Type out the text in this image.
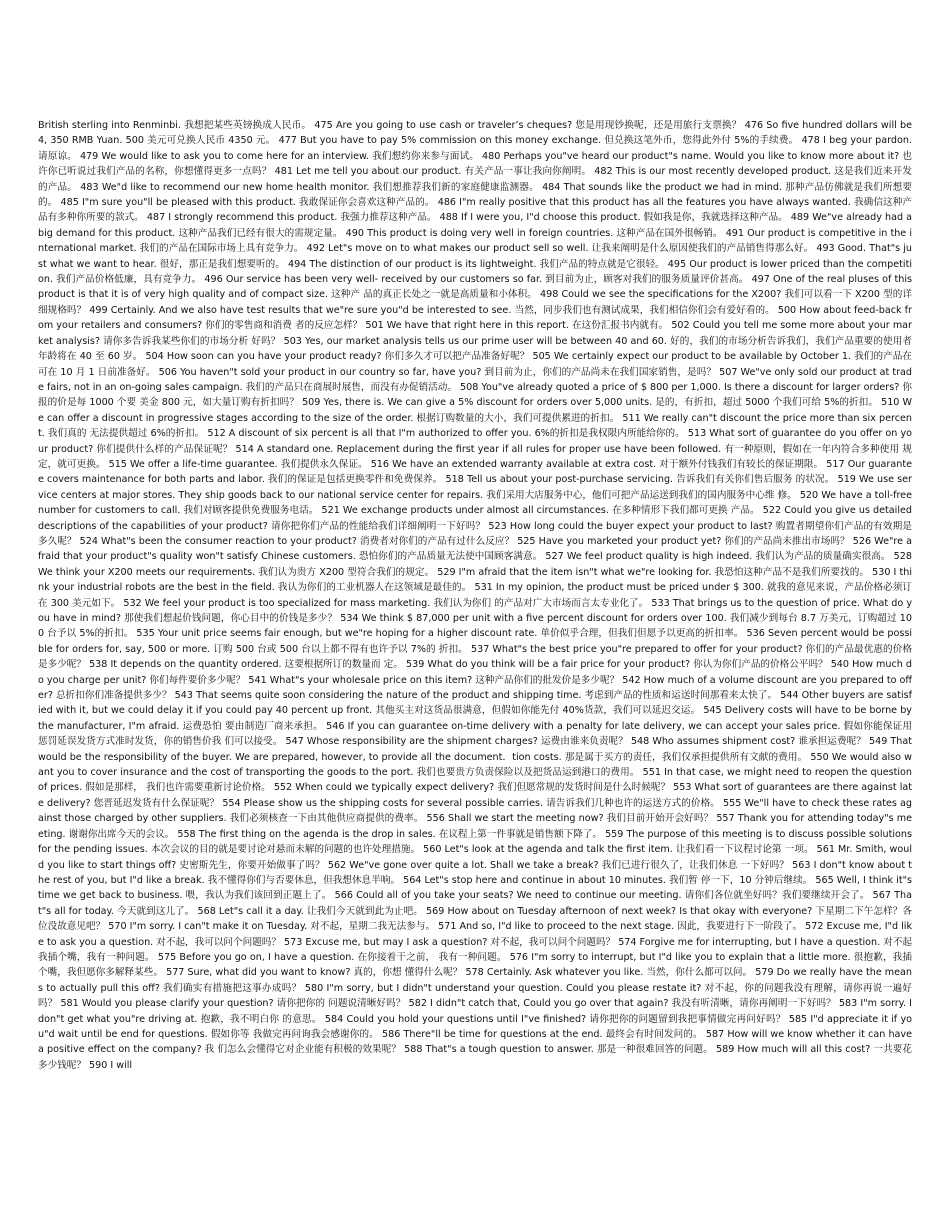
British sterling into Renminbi. 我想把某些英镑换成人民币。 475 Are you going to use cash or traveler’s cheques? 您是用现钞换呢，还是用旅行支票换？ 476 So five hundred dollars will be 4, 350 RMB Yuan. 500 美元可兑换人民币 4350 元。 477 But you have to pay 5% commission on this money exchange. 但兑换这笔外币，您得此外付 5%的手续费。 478 I beg your pardon. 请原谅。 479 We would like to ask you to come here for an interview. 我们想约你来参与面试。 480 Perhaps you"ve heard our product"s name. Would you like to know more about it? 也许你已听说过我们产品的名称，你想懂得更多一点吗？ 481 Let me tell you about our product. 有关产品一事让我向你阐明。 482 This is our most recently developed product. 这是我们近来开发的产品。 483 We"d like to recommend our new home health monitor. 我们想推荐我们新的家庭健康监测器。 484 That sounds like the product we had in mind. 那种产品仿佛就是我们所想要的。 485 I"m sure you"ll be pleased with this product. 我敢保证你会喜欢这种产品的。 486 I"m really positive that this product has all the features you have always wanted. 我确信这种产品有多种你所要的款式。 487 I strongly recommend this product. 我强力推荐这种产品。 488 If I were you, I"d choose this product. 假如我是你，我就选择这种产品。 489 We"ve already had a big demand for this product. 这种产品我们已经有很大的需规定量。 490 This product is doing very well in foreign countries. 这种产品在国外很畅销。 491 Our product is competitive in the international market. 我们的产品在国际市场上具有竞争力。 492 Let"s move on to what makes our product sell so well. 让我来阐明是什么原因使我们的产品销售得那么好。 493 Good. That"s just what we want to hear. 很好，那正是我们想要听的。 494 The distinction of our product is its lightweight. 我们产品的特点就是它很轻。 495 Our product is lower priced than the competition. 我们产品价格低廉，具有竞争力。 496 Our service has been very well- received by our customers so far. 到目前为止，顾客对我们的服务质量评价甚高。 497 One of the real pluses of this product is that it is of very high quality and of compact size. 这种产 品的真正长处之一就是高质量和小体积。 498 Could we see the specifications for the X200? 我们可以看一下 X200 型的详细规格吗？ 499 Certainly. And we also have test results that we"re sure you"d be interested to see. 当然，同步我们也有测试成果，我们相信你们会有爱好看的。 500 How about feed-back from your retailers and consumers? 你们的零售商和消费 者的反应怎样？ 501 We have that right here in this report. 在这份汇报书内就有。 502 Could you tell me some more about your market analysis? 请你多告诉我某些你们的市场分析 好吗？ 503 Yes, our market analysis tells us our prime user will be between 40 and 60. 好的，我们的市场分析告诉我们，我们产品重要的使用者年龄将在 40 至 60 岁。 504 How soon can you have your product ready? 你们多久才可以把产品准备好呢？ 505 We certainly expect our product to be available by October 1. 我们的产品在可在 10 月 1 日前准备好。 506 You haven"t sold your product in our country so far, have you? 到目前为止，你们的产品尚未在我们国家销售，是吗？ 507 We"ve only sold our product at trade fairs, not in an on-going sales campaign. 我们的产品只在商展时展售，而没有办促销活动。 508 You"ve already quoted a price of $ 800 per 1,000. Is there a discount for larger orders? 你报的价是每 1000 个要 美金 800 元，如大量订购有折扣吗？ 509 Yes, there is. We can give a 5% discount for orders over 5,000 units. 是的，有折扣，超过 5000 个我们可给 5%的折扣。 510 We can offer a discount in progressive stages according to the size of the order. 根据订购数量的大小，我们可提供累进的折扣。 511 We really can"t discount the price more than six percent. 我们真的 无法提供超过 6%的折扣。 512 A discount of six percent is all that I"m authorized to offer you. 6%的折扣是我权限内所能给你的。 513 What sort of guarantee do you offer on your product? 你们提供什么样的产品保证呢？ 514 A standard one. Replacement during the first year if all rules for proper use have been followed. 有一种原则，假如在一年内符合多种使用 规定，就可更换。 515 We offer a life-time guarantee. 我们提供永久保证。 516 We have an extended warranty available at extra cost. 对于额外付钱我们有较长的保证期限。 517 Our guarantee covers maintenance for both parts and labor. 我们的保证是包括更换零件和免费保养。 518 Tell us about your post-purchase servicing. 告诉我们有关你们售后服务 的状况。 519 We use service centers at major stores. They ship goods back to our national service center for repairs. 我们采用大店服务中心，他们可把产品运送到我们的国内服务中心维 修。 520 We have a toll-free number for customers to call. 我们对顾客提供免费服务电话。 521 We exchange products under almost all circumstances. 在多种情形下我们都可更换 产品。 522 Could you give us detailed descriptions of the capabilities of your product? 请你把你们产品的性能给我们详细阐明一下好吗？ 523 How long could the buyer expect your product to last? 购置者期望你们产品的有效期是多久呢？ 524 What"s been the consumer reaction to your product? 消费者对你们的产品有过什么反应？ 525 Have you marketed your product yet? 你们的产品尚未推出市场吗？ 526 We"re afraid that your product"s quality won"t satisfy Chinese customers. 恐怕你们的产品质量无法使中国顾客满意。 527 We feel product quality is high indeed. 我们认为产品的质量确实很高。 528 We think your X200 meets our requirements. 我们认为贵方 X200 型符合我们的规定。 529 I"m afraid that the item isn"t what we"re looking for. 我恐怕这种产品不是我们所要找的。 530 I think your industrial robots are the best in the field. 我认为你们的工业机器人在这领域是最佳的。 531 In my opinion, the product must be priced under $ 300. 就我的意见来说，产品价格必须订在 300 美元如下。 532 We feel your product is too specialized for mass marketing. 我们认为你们 的产品对广大市场而言太专业化了。 533 That brings us to the question of price. What do you have in mind? 那使我们想起价钱问题，你心目中的价钱是多少？ 534 We think $ 87,000 per unit with a five percent discount for orders over 100. 我们减少到每台 8.7 万美元，订购超过 100 台予以 5%的折扣。 535 Your unit price seems fair enough, but we"re hoping for a higher discount rate. 单价似乎合理，但我们但愿予以更高的折扣率。 536 Seven percent would be possible for orders for, say, 500 or more. 订购 500 台或 500 台以上都不得有也许予以 7%的 折扣。 537 What"s the best price you"re prepared to offer for your product? 你们的产品最优惠的价格是多少呢？ 538 It depends on the quantity ordered. 这要根据所订的数量而 定。 539 What do you think will be a fair price for your product? 你认为你们产品的价格公平吗？ 540 How much do you charge per unit? 你们每件要价多少呢？ 541 What"s your wholesale price on this item? 这种产品你们的批发价是多少呢？ 542 How much of a volume discount are you prepared to offer? 总折扣你们准备提供多少？ 543 That seems quite soon considering the nature of the product and shipping time. 考虑到产品的性质和运送时间那看来太快了。 544 Other buyers are satisfied with it, but we could delay it if you could pay 40 percent up front. 其他买主对这货品很满意，但假如你能先付 40%货款，我们可以延迟交运。 545 Delivery costs will have to be borne by the manufacturer, I"m afraid. 运费恐怕 要由制造厂商来承担。 546 If you can guarantee on-time delivery with a penalty for late delivery, we can accept your sales price. 假如你能保证用惩罚延误发货方式准时发货，你的销售价我 们可以接受。 547 Whose responsibility are the shipment charges? 运费由谁来负责呢？ 548 Who assumes shipment cost? 谁承担运费呢？ 549 That would be the responsibility of the buyer. We are prepared, however, to provide all the document．tion costs. 那是属于买方的责任，我们仅承担提供所有文献的费用。 550 We would also want you to cover insurance and the cost of transporting the goods to the port. 我们也要贵方负责保险以及把货品运到港口的费用。 551 In that case, we might need to reopen the question of prices. 假如是那样， 我们也许需要重新讨论价格。 552 When could we typically expect delivery? 我们但愿常规的发货时间是什么时候呢？ 553 What sort of guarantees are there against late delivery? 您晋延迟发货有什么保证呢？ 554 Please show us the shipping costs for several possible carries. 请告诉我们几种也许的运送方式的价格。 555 We"ll have to check these rates against those charged by other suppliers. 我们必须核查一下由其他供应商提供的费率。 556 Shall we start the meeting now? 我们目前开始开会好吗？ 557 Thank you for attending today"s meeting. 谢谢你出席今天的会议。 558 The first thing on the agenda is the drop in sales. 在议程上第一件事就是销售额下降了。 559 The purpose of this meeting is to discuss possible solutions for the pending issues. 本次会议的目的就是要讨论对悬而未解的问题的也许处理措施。 560 Let"s look at the agenda and talk the first item. 让我们看一下议程讨论第 一项。 561 Mr. Smith, would you like to start things off? 史密斯先生，你要开始做事了吗？ 562 We"ve gone over quite a lot. Shall we take a break? 我们已进行很久了，让我们休息 一下好吗？ 563 I don"t know about the rest of you, but I"d like a break. 我不懂得你们与否要休息，但我想休息半响。 564 Let"s stop here and continue in about 10 minutes. 我们暂 停一下，10 分钟后继续。 565 Well, I think it"s time we get back to business. 喂，我认为我们该回到正题上了。 566 Could all of you take your seats? We need to continue our meeting. 请你们各位就坐好吗？我们要继续开会了。 567 That"s all for today. 今天就到这儿了。 568 Let"s call it a day. 让我们今天就到此为止吧。 569 How about on Tuesday afternoon of next week? Is that okay with everyone? 下星期二下午怎样？各位没故意见吧？ 570 I"m sorry. I can"t make it on Tuesday. 对不起，星期二我无法参与。 571 And so, I"d like to proceed to the next stage. 因此，我要进行下一阶段了。 572 Excuse me, I"d like to ask you a question. 对不起，我可以问个问题吗？ 573 Excuse me, but may I ask a question? 对不起，我可以问个问题吗？ 574 Forgive me for interrupting, but I have a question. 对不起我插个嘴，我有一种问题。 575 Before you go on, I have a question. 在你接着干之前， 我有一种问题。 576 I"m sorry to interrupt, but I"d like you to explain that a little more. 很抱歉，我插个嘴，我但愿你多解释某些。 577 Sure, what did you want to know? 真的，你想 懂得什么呢？ 578 Certainly. Ask whatever you like. 当然，你什么都可以问。 579 Do we really have the means to actually pull this off? 我们确实有措施把这事办成吗？ 580 I"m sorry, but I didn"t understand your question. Could you please restate it? 对不起，你的问题我没有理解，请你再说一遍好吗？ 581 Would you please clarify your question? 请你把你的 问题说清晰好吗？ 582 I didn"t catch that, Could you go over that again? 我没有听清晰，请你再阐明一下好吗？ 583 I"m sorry. I don"t get what you"re driving at. 抱歉，我不明白你 的意思。 584 Could you hold your questions until I"ve finished? 请你把你的问题留到我把事情做完再问好吗？ 585 I"d appreciate it if you"d wait until be end for questions. 假如你等 我做完再问询我会感谢你的。 586 There"ll be time for questions at the end. 最终会有时间发问的。 587 How will we know whether it can have a positive effect on the company? 我 们怎么会懂得它对企业能有积极的效果呢？ 588 That"s a tough question to answer. 那是一种很难回答的问题。 589 How much will all this cost? 一共要花多少钱呢？ 590 I will
